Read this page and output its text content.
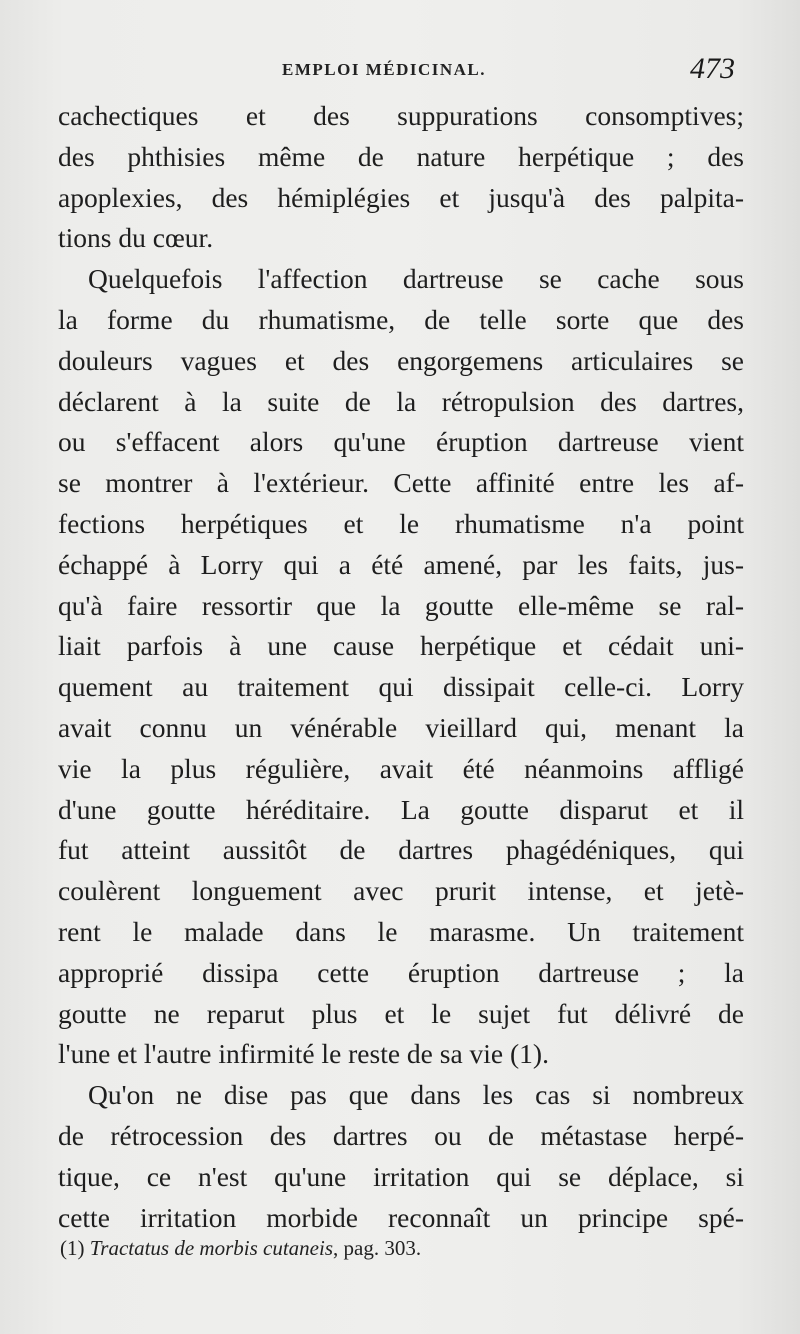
EMPLOI MÉDICINAL.	473
cachectiques et des suppurations consomptives;
des phthisies même de nature herpétique ; des
apoplexies, des hémiplégies et jusqu'à des palpita-
tions du cœur.
Quelquefois l'affection dartreuse se cache sous
la forme du rhumatisme, de telle sorte que des
douleurs vagues et des engorgemens articulaires se
déclarent à la suite de la rétropulsion des dartres,
ou s'effacent alors qu'une éruption dartreuse vient
se montrer à l'extérieur. Cette affinité entre les af-
fections herpétiques et le rhumatisme n'a point
échappé à Lorry qui a été amené, par les faits, jus-
qu'à faire ressortir que la goutte elle-même se ral-
liait parfois à une cause herpétique et cédait uni-
quement au traitement qui dissipait celle-ci. Lorry
avait connu un vénérable vieillard qui, menant la
vie la plus régulière, avait été néanmoins affligé
d'une goutte héréditaire. La goutte disparut et il
fut atteint aussitôt de dartres phagédéniques, qui
coulèrent longuement avec prurit intense, et jetè-
rent le malade dans le marasme. Un traitement
approprié dissipa cette éruption dartreuse ; la
goutte ne reparut plus et le sujet fut délivré de
l'une et l'autre infirmité le reste de sa vie (1).
Qu'on ne dise pas que dans les cas si nombreux
de rétrocession des dartres ou de métastase herpé-
tique, ce n'est qu'une irritation qui se déplace, si
cette irritation morbide reconnaît un principe spé-
(1) Tractatus de morbis cutaneis, pag. 303.
